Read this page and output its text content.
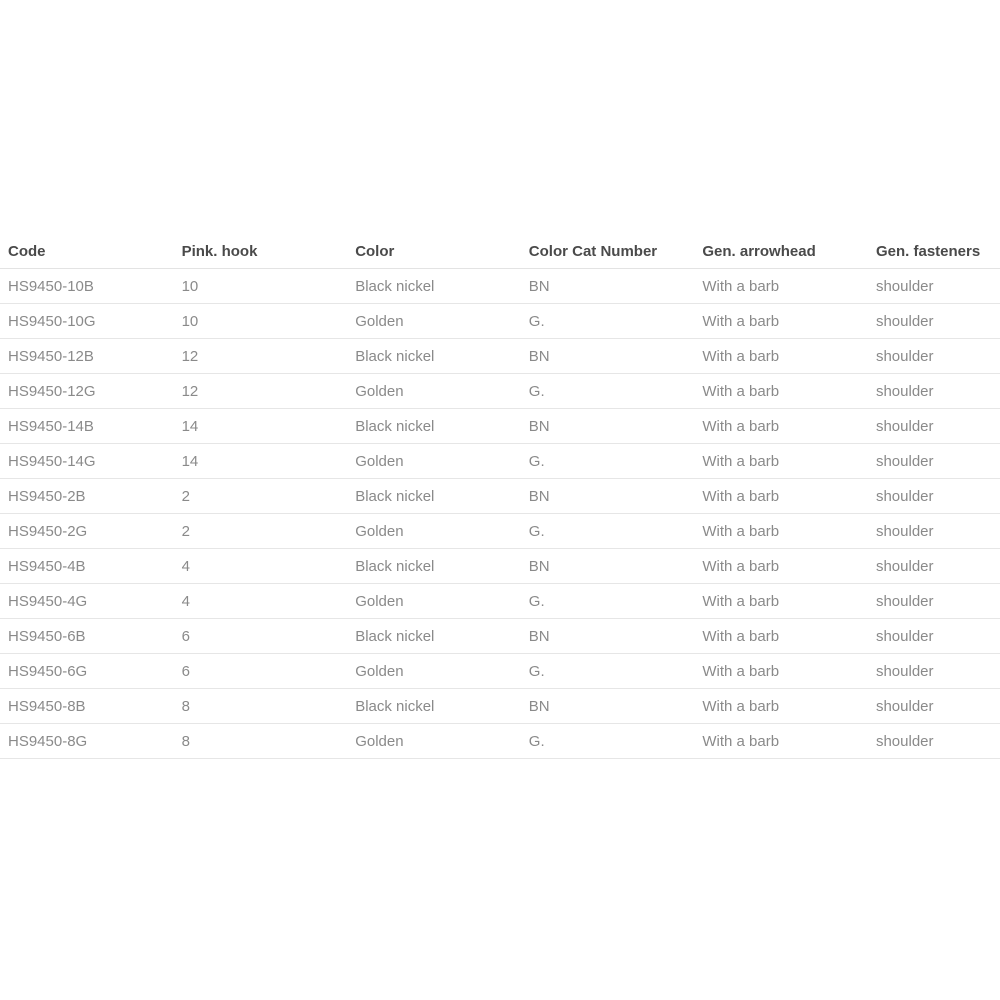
Code	Pink. hook	Color	Color Cat Number	Gen. arrowhead	Gen. fasteners
HS9450-10B	10	Black nickel	BN	With a barb	shoulder
HS9450-10G	10	Golden	G.	With a barb	shoulder
HS9450-12B	12	Black nickel	BN	With a barb	shoulder
HS9450-12G	12	Golden	G.	With a barb	shoulder
HS9450-14B	14	Black nickel	BN	With a barb	shoulder
HS9450-14G	14	Golden	G.	With a barb	shoulder
HS9450-2B	2	Black nickel	BN	With a barb	shoulder
HS9450-2G	2	Golden	G.	With a barb	shoulder
HS9450-4B	4	Black nickel	BN	With a barb	shoulder
HS9450-4G	4	Golden	G.	With a barb	shoulder
HS9450-6B	6	Black nickel	BN	With a barb	shoulder
HS9450-6G	6	Golden	G.	With a barb	shoulder
HS9450-8B	8	Black nickel	BN	With a barb	shoulder
HS9450-8G	8	Golden	G.	With a barb	shoulder
